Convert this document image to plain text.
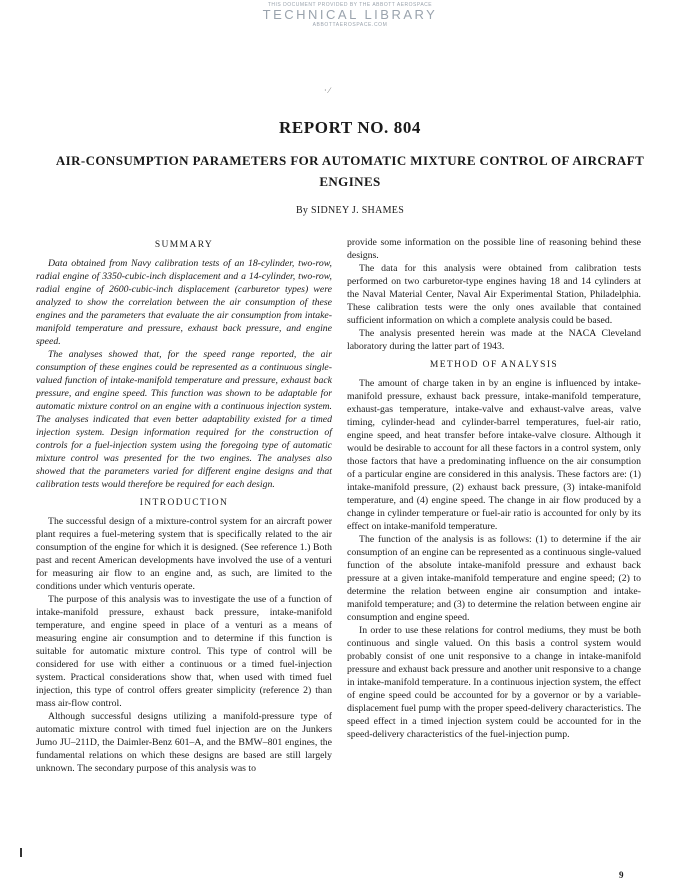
THIS DOCUMENT PROVIDED BY THE ABBOTT AEROSPACE
TECHNICAL LIBRARY
ABBOTTAEROSPACE.COM
· ⁄
REPORT NO. 804
AIR-CONSUMPTION PARAMETERS FOR AUTOMATIC MIXTURE CONTROL OF AIRCRAFT ENGINES
By SIDNEY J. SHAMES
SUMMARY

Data obtained from Navy calibration tests of an 18-cylinder, two-row, radial engine of 3350-cubic-inch displacement and a 14-cylinder, two-row, radial engine of 2600-cubic-inch displacement (carburetor types) were analyzed to show the correlation between the air consumption of these engines and the parameters that evaluate the air consumption from intake-manifold temperature and pressure, exhaust back pressure, and engine speed.

The analyses showed that, for the speed range reported, the air consumption of these engines could be represented as a continuous single-valued function of intake-manifold temperature and pressure, exhaust back pressure, and engine speed. This function was shown to be adaptable for automatic mixture control on an engine with a continuous injection system. The analyses indicated that even better adaptability existed for a timed injection system. Design information required for the construction of controls for a fuel-injection system using the foregoing type of automatic mixture control was presented for the two engines. The analyses also showed that the parameters varied for different engine designs and that calibration tests would therefore be required for each design.

INTRODUCTION

The successful design of a mixture-control system for an aircraft power plant requires a fuel-metering system that is specifically related to the air consumption of the engine for which it is designed. (See reference 1.) Both past and recent American developments have involved the use of a venturi for measuring air flow to an engine and, as such, are limited to the conditions under which venturis operate.

The purpose of this analysis was to investigate the use of a function of intake-manifold pressure, exhaust back pressure, intake-manifold temperature, and engine speed in place of a venturi as a means of measuring engine air consumption and to determine if this function is suitable for automatic mixture control. This type of control will be considered for use with either a continuous or a timed fuel-injection system. Practical considerations show that, when used with timed fuel injection, this type of control offers greater simplicity (reference 2) than mass air-flow control.

Although successful designs utilizing a manifold-pressure type of automatic mixture control with timed fuel injection are on the Junkers Jumo JU–211D, the Daimler-Benz 601–A, and the BMW–801 engines, the fundamental relations on which these designs are based are still largely unknown. The secondary purpose of this analysis was to

provide some information on the possible line of reasoning behind these designs.

The data for this analysis were obtained from calibration tests performed on two carburetor-type engines having 18 and 14 cylinders at the Naval Material Center, Naval Air Experimental Station, Philadelphia. These calibration tests were the only ones available that contained sufficient information on which a complete analysis could be based.

The analysis presented herein was made at the NACA Cleveland laboratory during the latter part of 1943.

METHOD OF ANALYSIS

The amount of charge taken in by an engine is influenced by intake-manifold pressure, exhaust back pressure, intake-manifold temperature, exhaust-gas temperature, intake-valve and exhaust-valve areas, valve timing, cylinder-head and cylinder-barrel temperatures, fuel-air ratio, engine speed, and heat transfer before intake-valve closure. Although it would be desirable to account for all these factors in a control system, only those factors that have a predominating influence on the air consumption of a particular engine are considered in this analysis. These factors are: (1) intake-manifold pressure, (2) exhaust back pressure, (3) intake-manifold temperature, and (4) engine speed. The change in air flow produced by a change in cylinder temperature or fuel-air ratio is accounted for only by its effect on intake-manifold temperature.

The function of the analysis is as follows: (1) to determine if the air consumption of an engine can be represented as a continuous single-valued function of the absolute intake-manifold pressure and exhaust back pressure at a given intake-manifold temperature and engine speed; (2) to determine the relation between engine air consumption and intake-manifold temperature; and (3) to determine the relation between engine air consumption and engine speed.

In order to use these relations for control mediums, they must be both continuous and single valued. On this basis a control system would probably consist of one unit responsive to a change in intake-manifold pressure and exhaust back pressure and another unit responsive to a change in intake-manifold temperature. In a continuous injection system, the effect of engine speed could be accounted for by a governor or by a variable-displacement fuel pump with the proper speed-delivery characteristics. The speed effect in a timed injection system could be accounted for in the speed-delivery characteristics of the fuel-injection pump.

9
